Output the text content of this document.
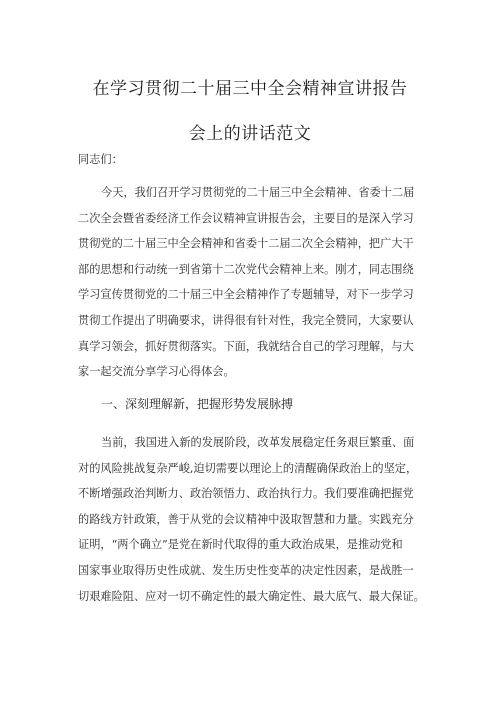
在学习贯彻二十届三中全会精神宣讲报告
会上的讲话范文
同志们：
今天，我们召开学习贯彻党的二十届三中全会精神、省委十二届
二次全会暨省委经济工作会议精神宣讲报告会，主要目的是深入学习
贯彻党的二十届三中全会精神和省委十二届二次全会精神，把广大干
部的思想和行动统一到省第十二次党代会精神上来。刚才，同志围绕
学习宣传贯彻党的二十届三中全会精神作了专题辅导，对下一步学习
贯彻工作提出了明确要求，讲得很有针对性，我完全赞同，大家要认
真学习领会，抓好贯彻落实。下面，我就结合自己的学习理解，与大
家一起交流分享学习心得体会。
一、深刻理解新，把握形势发展脉搏
当前，我国进入新的发展阶段，改革发展稳定任务艰巨繁重、面
对的风险挑战复杂严峻,迫切需要以理论上的清醒确保政治上的坚定，
不断增强政治判断力、政治领悟力、政治执行力。我们要准确把握党
的路线方针政策，善于从党的会议精神中汲取智慧和力量。实践充分
证明，“两个确立”是党在新时代取得的重大政治成果，是推动党和
国家事业取得历史性成就、发生历史性变革的决定性因素，是战胜一
切艰难险阻、应对一切不确定性的最大确定性、最大底气、最大保证。
